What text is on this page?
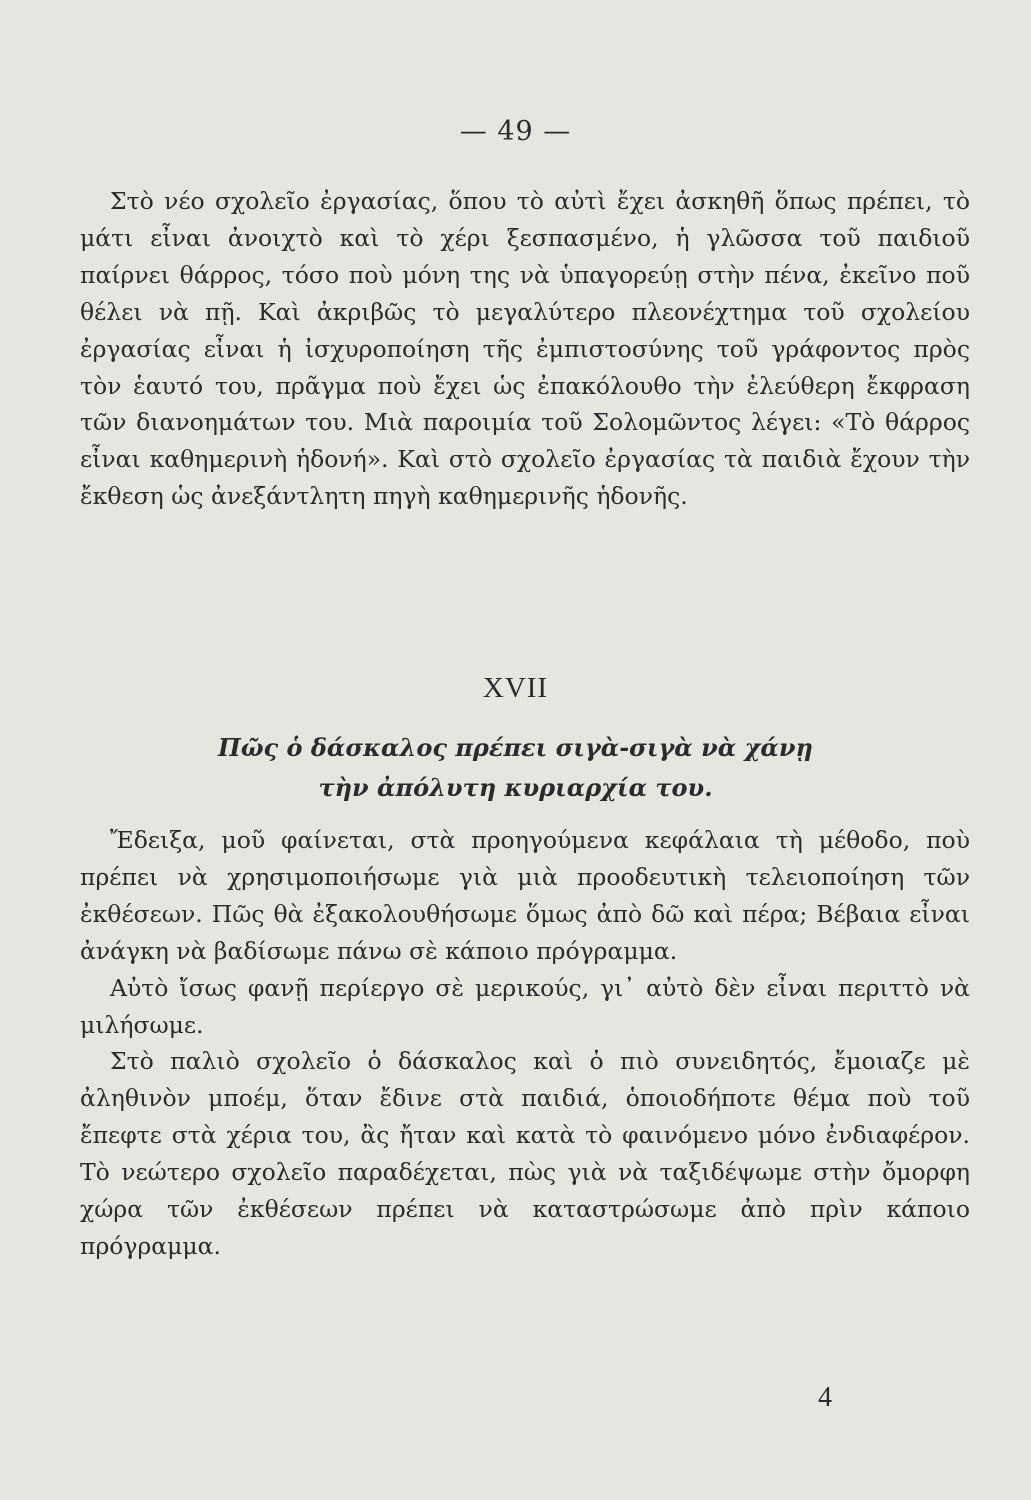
— 49 —

Στὸ νέο σχολεῖο ἐργασίας, ὅπου τὸ αὐτὶ ἔχει ἀσκηθῆ ὅπως πρέπει, τὸ μάτι εἶναι ἀνοιχτὸ καὶ τὸ χέρι ξεσπασμένο, ἡ γλῶσσα τοῦ παιδιοῦ παίρνει θάρρος, τόσο ποὺ μόνη της νὰ ὑπαγορεύῃ στὴν πένα, ἐκεῖνο ποῦ θέλει νὰ πῇ. Καὶ ἀκριβῶς τὸ μεγαλύτερο πλεονέχτημα τοῦ σχολείου ἐργασίας εἶναι ἡ ἰσχυροποίηση τῆς ἐμπιστοσύνης τοῦ γράφοντος πρὸς τὸν ἑαυτό του, πρᾶγμα ποὺ ἔχει ὡς ἐπακόλουθο τὴν ἐλεύθερη ἔκφραση τῶν διανοημάτων του. Μιὰ παροιμία τοῦ Σολομῶντος λέγει: «Τὸ θάρρος εἶναι καθημερινὴ ἡδονή». Καὶ στὸ σχολεῖο ἐργασίας τὰ παιδιὰ ἔχουν τὴν ἔκθεση ὡς ἀνεξάντλητη πηγὴ καθημερινῆς ἡδονῆς.

XVII
Πῶς ὁ δάσκαλος πρέπει σιγὰ-σιγὰ νὰ χάνῃ
τὴν ἀπόλυτη κυριαρχία του.

Ἔδειξα, μοῦ φαίνεται, στὰ προηγούμενα κεφάλαια τὴ μέθοδο, ποὺ πρέπει νὰ χρησιμοποιήσωμε γιὰ μιὰ προοδευτικὴ τελειοποίηση τῶν ἐκθέσεων. Πῶς θὰ ἐξακολουθήσωμε ὅμως ἀπὸ δῶ καὶ πέρα; Βέβαια εἶναι ἀνάγκη νὰ βαδίσωμε πάνω σὲ κάποιο πρόγραμμα.

Αὐτὸ ἴσως φανῇ περίεργο σὲ μερικούς, γι᾽ αὐτὸ δὲν εἶναι περιττὸ νὰ μιλήσωμε.

Στὸ παλιὸ σχολεῖο ὁ δάσκαλος καὶ ὁ πιὸ συνειδητός, ἔμοιαζε μὲ ἀληθινὸν μποέμ, ὅταν ἔδινε στὰ παιδιά, ὁποιοδήποτε θέμα ποὺ τοῦ ἔπεφτε στὰ χέρια του, ἂς ἤταν καὶ κατὰ τὸ φαινόμενο μόνο ἐνδιαφέρον. Τὸ νεώτερο σχολεῖο παραδέχεται, πὼς γιὰ νὰ ταξιδέψωμε στὴν ὄμορφη χώρα τῶν ἐκθέσεων πρέπει νὰ καταστρώσωμε ἀπὸ πρὶν κάποιο πρόγραμμα.

4
